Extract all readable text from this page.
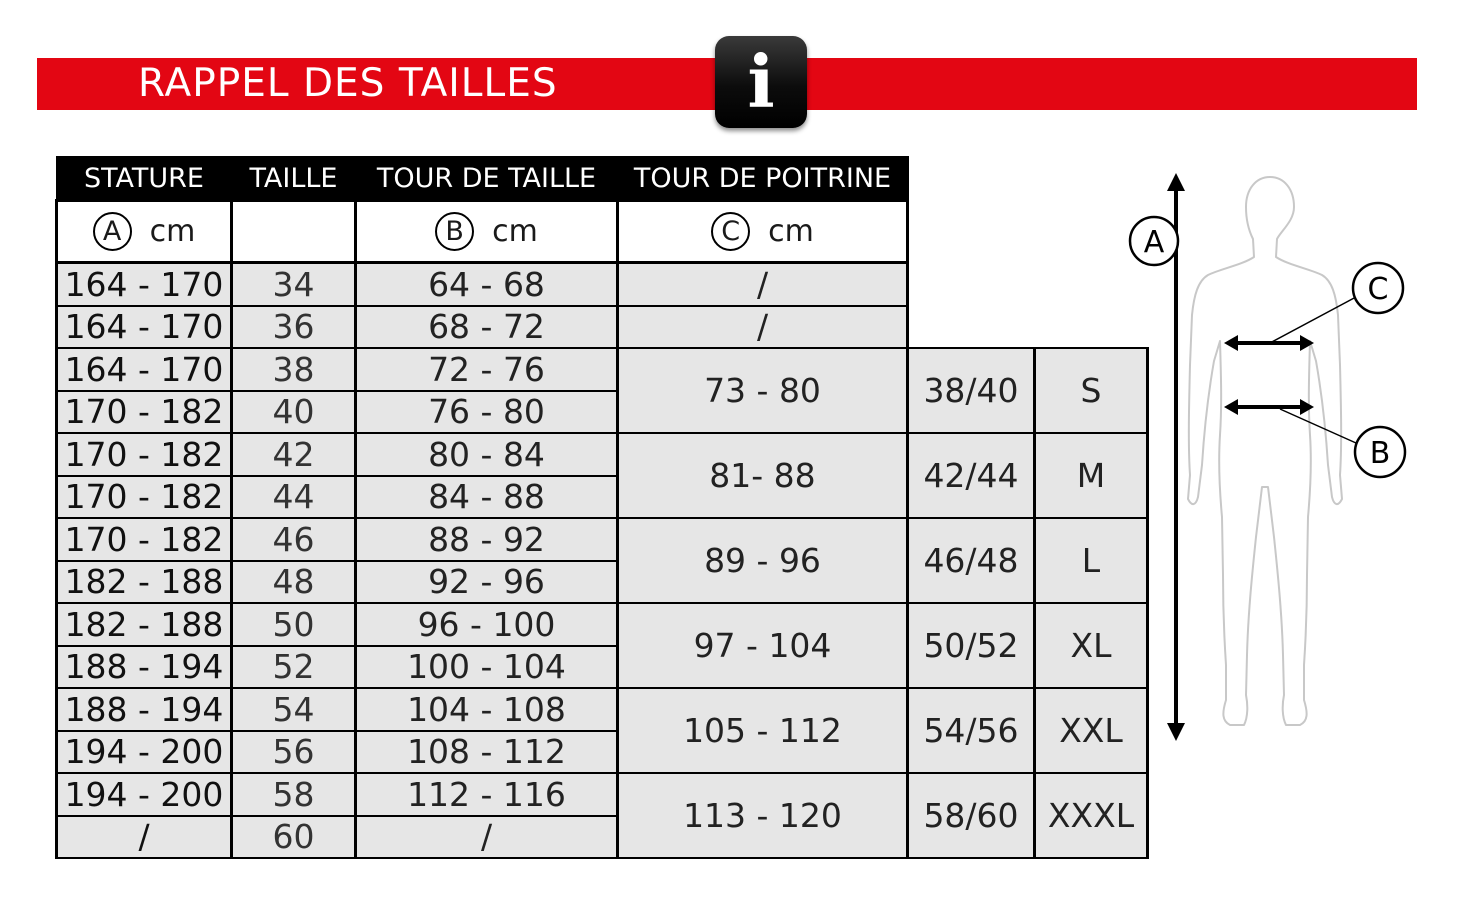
RAPPEL DES TAILLES	i
STATURE	TAILLE	TOUR DE TAILLE	TOUR DE POITRINE		
A cm		B cm	C cm		
164 - 170	34	64 - 68	/		
164 - 170	36	68 - 72	/		
164 - 170	38	72 - 76	73 - 80	38/40	S
170 - 182	40	76 - 80			
170 - 182	42	80 - 84	81- 88	42/44	M
170 - 182	44	84 - 88			
170 - 182	46	88 - 92	89 - 96	46/48	L
182 - 188	48	92 - 96			
182 - 188	50	96 - 100	97 - 104	50/52	XL
188 - 194	52	100 - 104			
188 - 194	54	104 - 108	105 - 112	54/56	XXL
194 - 200	56	108 - 112			
194 - 200	58	112 - 116	113 - 120	58/60	XXXL
/	60	/			
A
C
B
